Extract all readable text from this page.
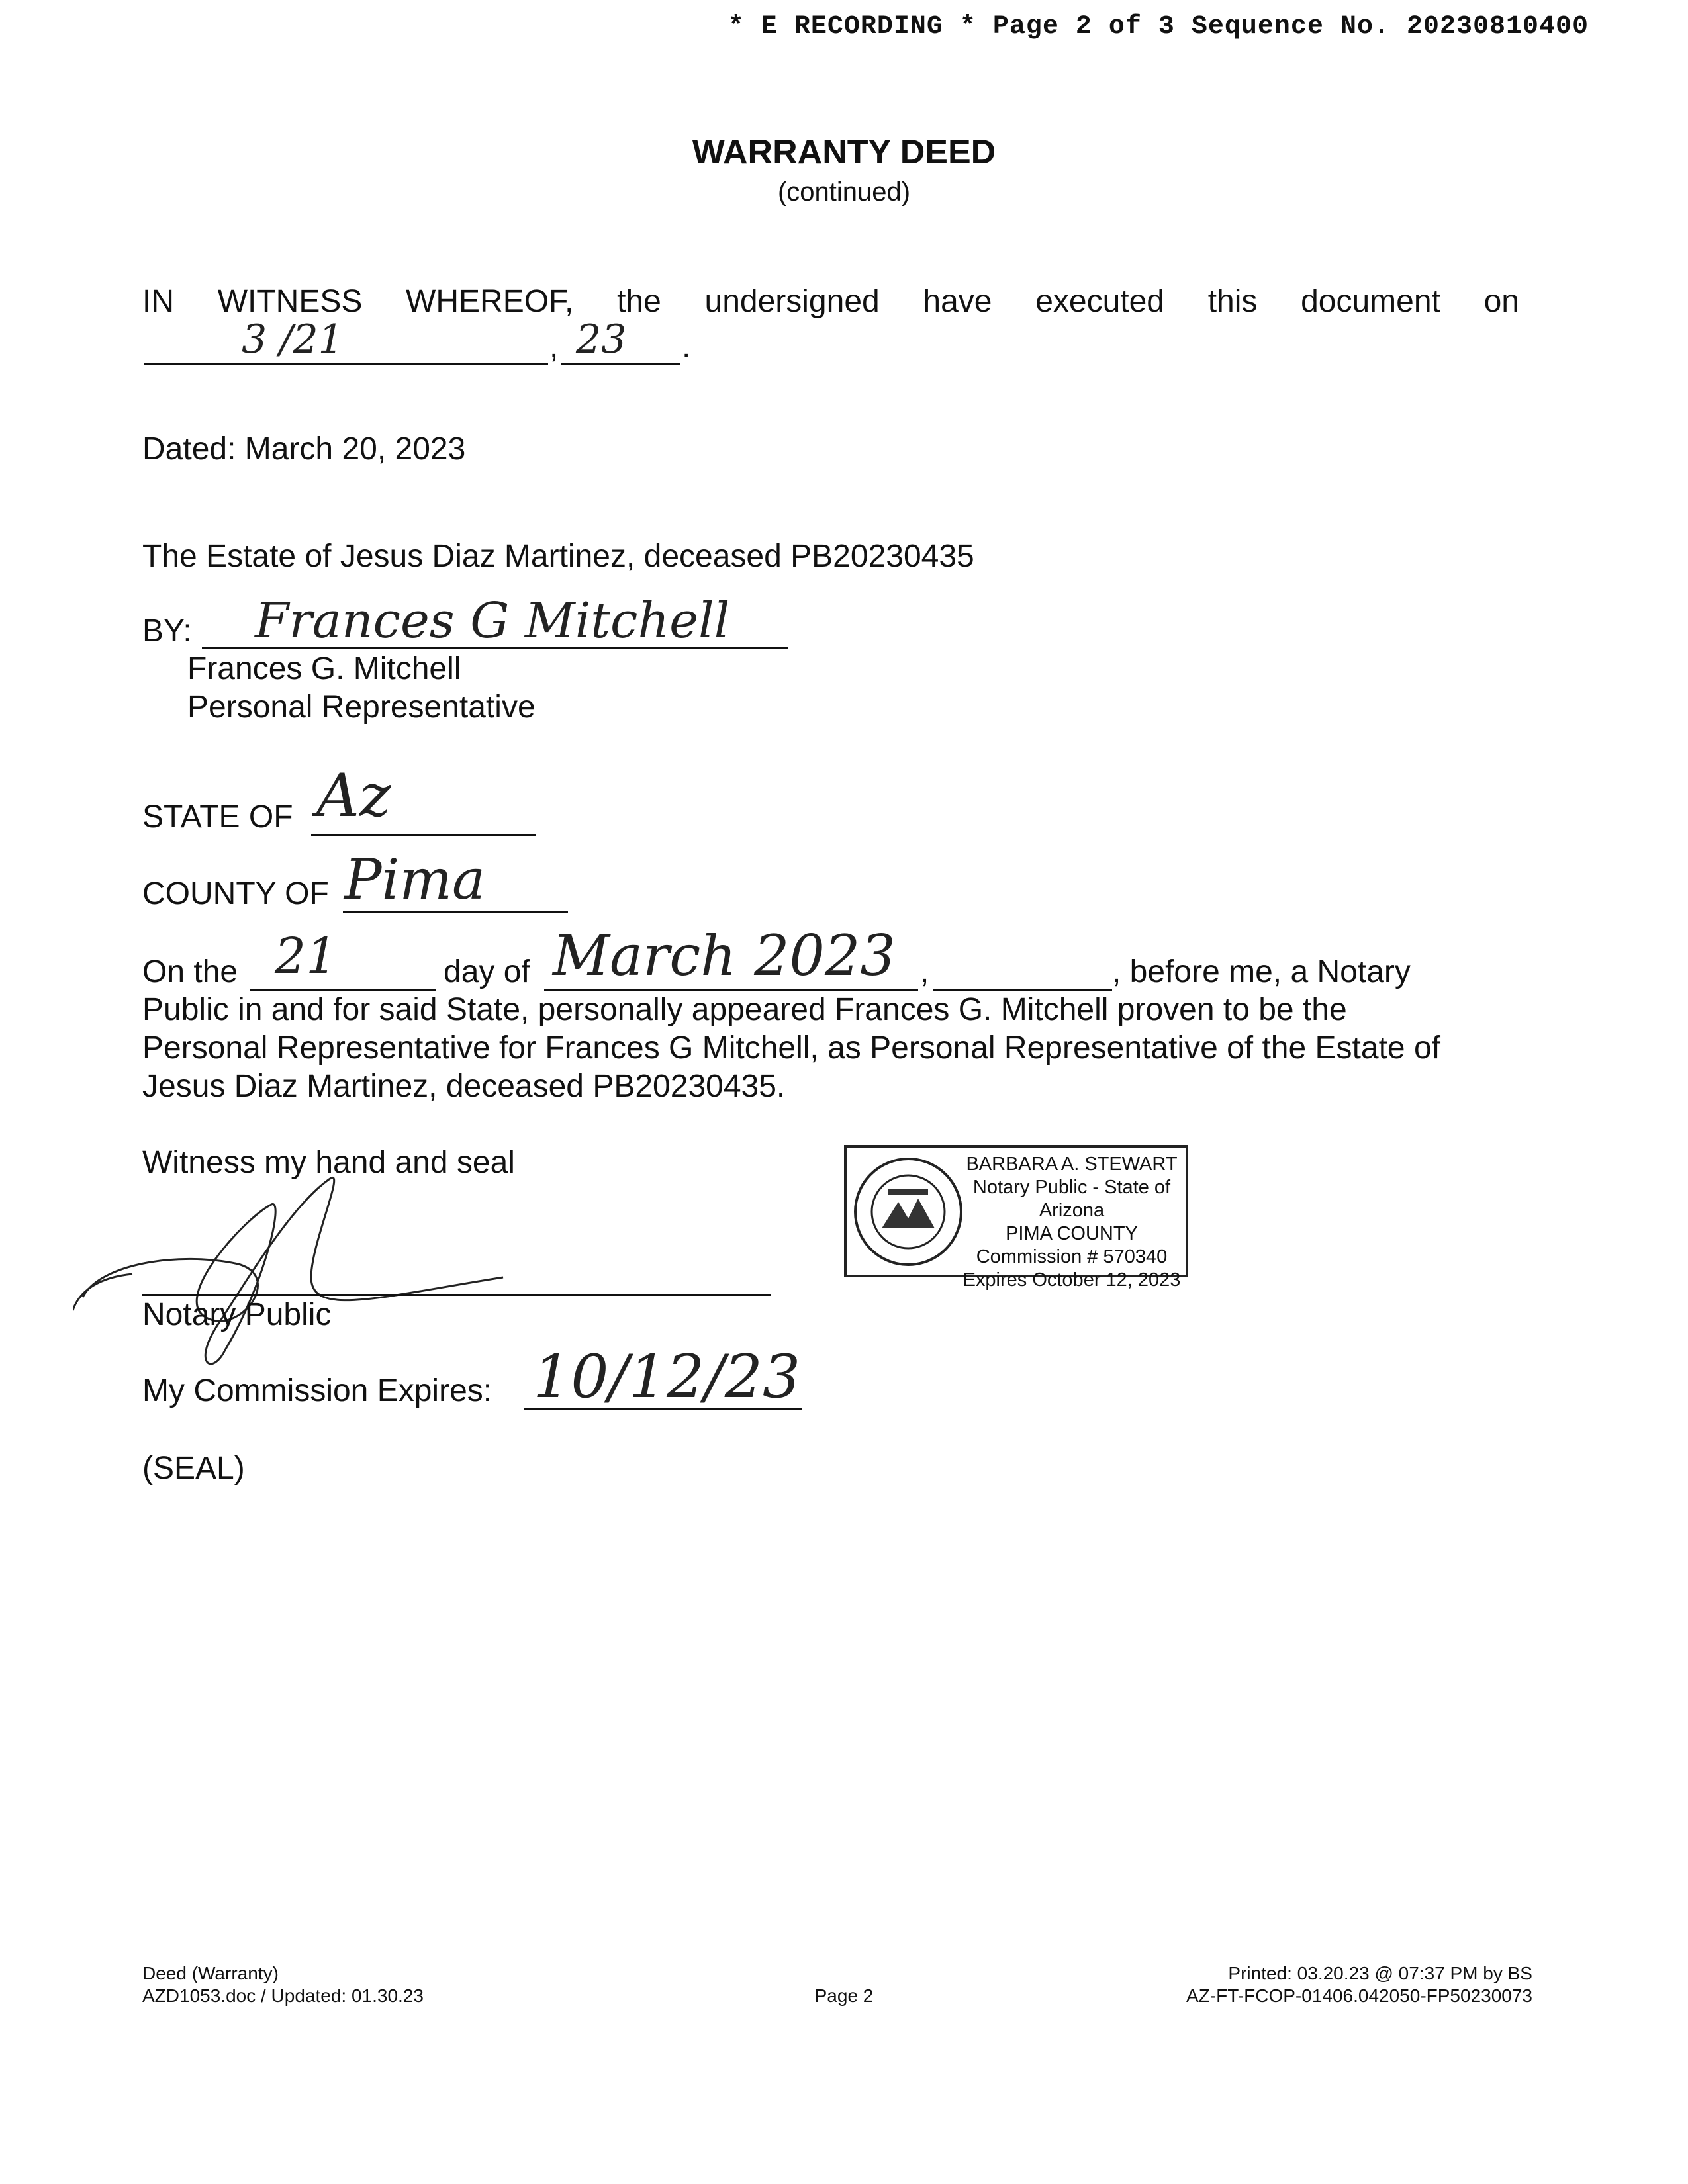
* E RECORDING * Page 2 of 3 Sequence No. 20230810400
WARRANTY DEED
(continued)
IN WITNESS WHEREOF, the undersigned have executed this document on
3 /21	, 23 .
Dated: March 20, 2023
The Estate of Jesus Diaz Martinez, deceased PB20230435
BY: Frances G Mitchell
Frances G. Mitchell
Personal Representative
STATE OF Az
COUNTY OF Pima
On the 21	day of March 2023 ,	, before me, a Notary
Public in and for said State, personally appeared Frances G. Mitchell proven to be the
Personal Representative for Frances G Mitchell, as Personal Representative of the Estate of
Jesus Diaz Martinez, deceased PB20230435.
Witness my hand and seal
Notary Public
My Commission Expires: 10/12/23
(SEAL)
BARBARA A. STEWART
Notary Public - State of Arizona
PIMA COUNTY
Commission # 570340
Expires October 12, 2023
Deed (Warranty)
AZD1053.doc / Updated: 01.30.23	Page 2
Printed: 03.20.23 @ 07:37 PM by BS
AZ-FT-FCOP-01406.042050-FP50230073
